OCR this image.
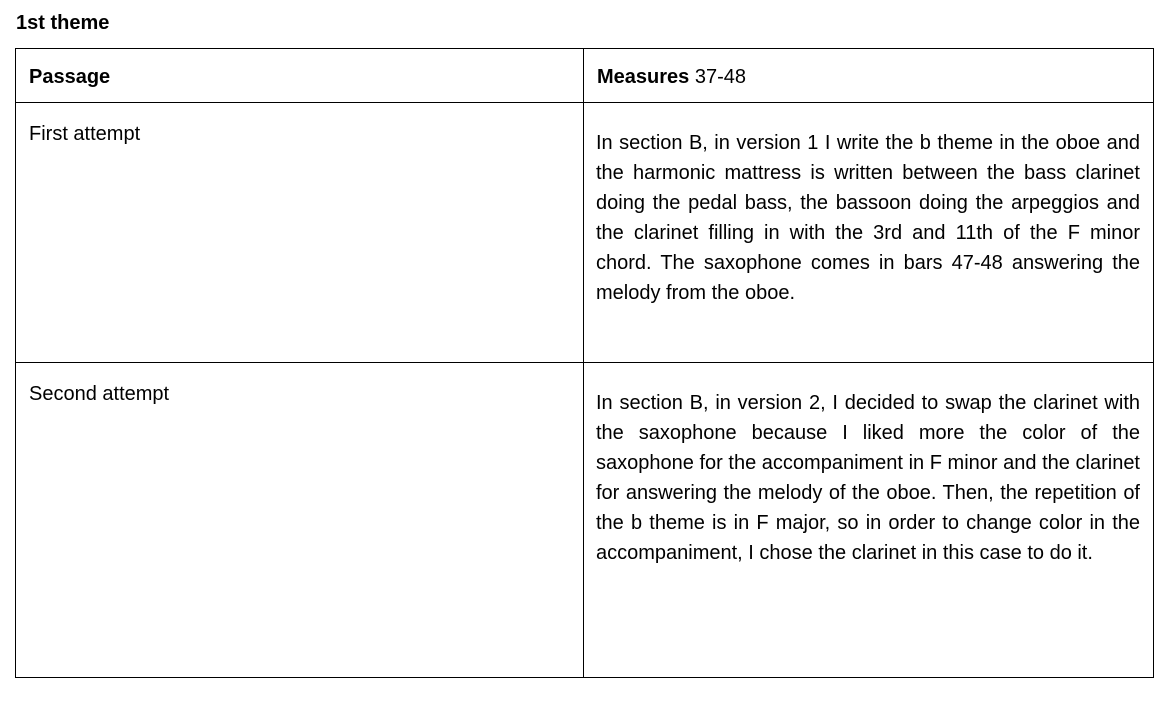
1st theme
Passage	Measures 37-48

First attempt	In section B, in version 1 I write the b theme in the oboe and the harmonic mattress is written between the bass clarinet doing the pedal bass, the bassoon doing the arpeggios and the clarinet filling in with the 3rd and 11th of the F minor chord. The saxophone comes in bars 47-48 answering the melody from the oboe.

Second attempt	In section B, in version 2, I decided to swap the clarinet with the saxophone because I liked more the color of the saxophone for the accompaniment in F minor and the clarinet for answering the melody of the oboe. Then, the repetition of the b theme is in F major, so in order to change color in the accompaniment, I chose the clarinet in this case to do it.
